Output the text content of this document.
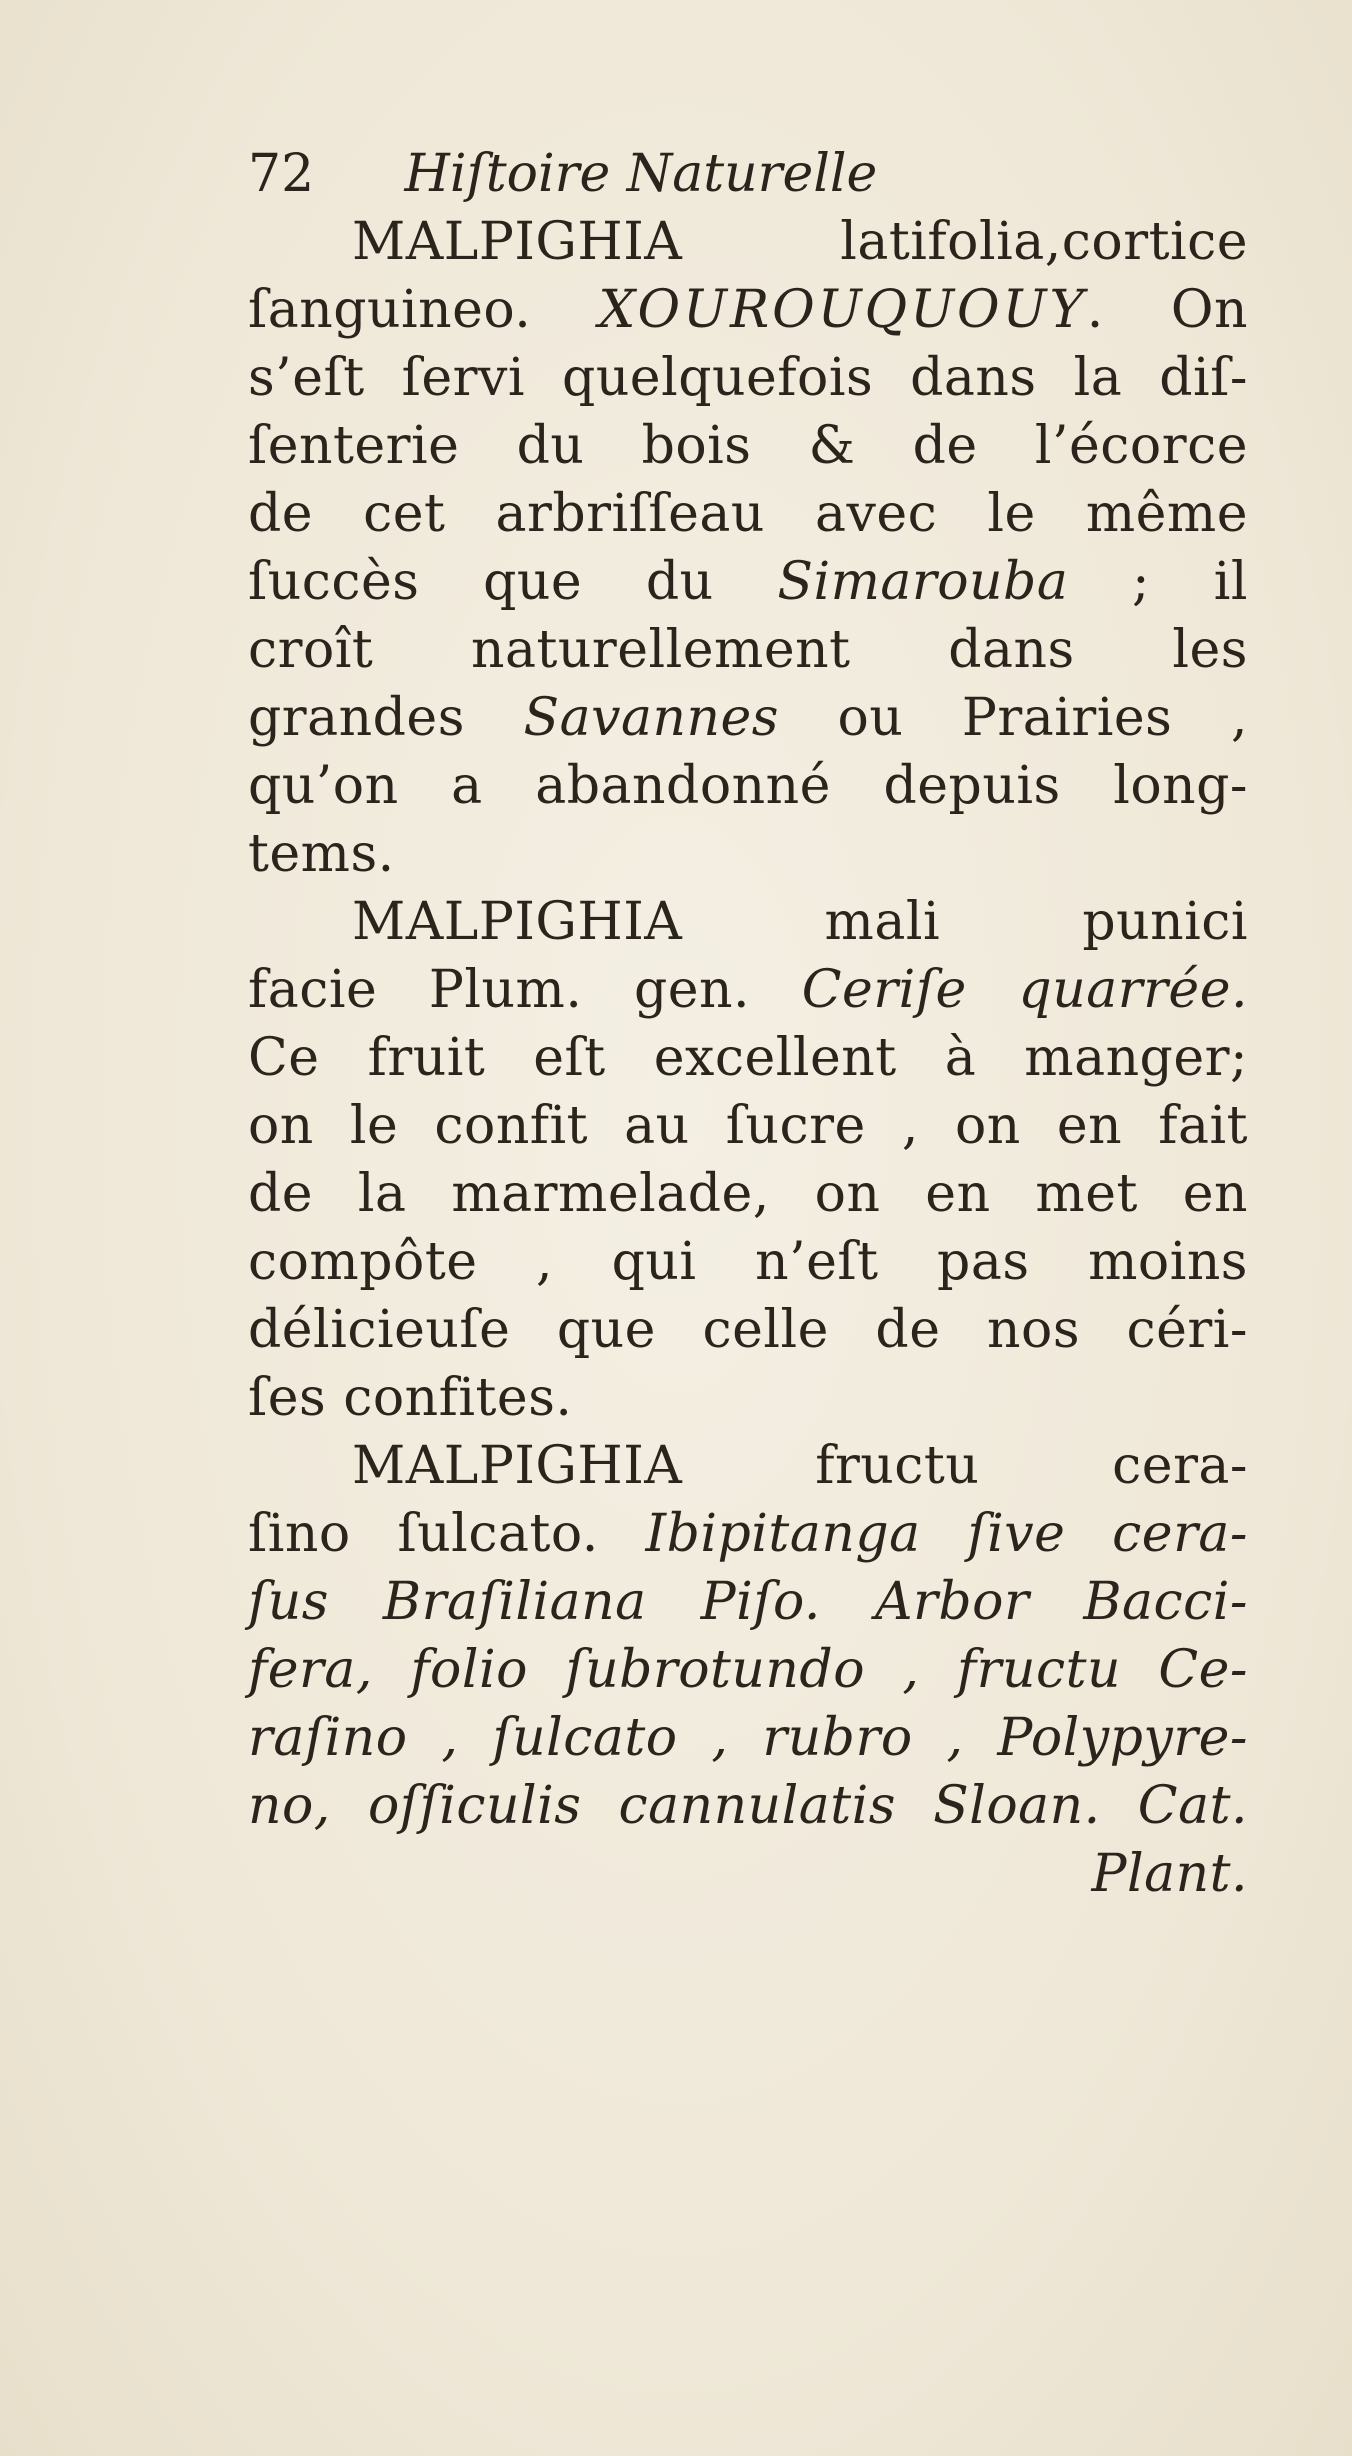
72 Hiſtoire Naturelle
MALPIGHIA latifolia,cortice
ſanguineo. XOUROUQUOUY. On
s’eſt ſervi quelquefois dans la diſ-
ſenterie du bois & de l’écorce
de cet arbriſſeau avec le même
ſuccès que du Simarouba ; il
croît naturellement dans les
grandes Savannes ou Prairies ,
qu’on a abandonné depuis long-
tems.
MALPIGHIA mali punici
facie Plum. gen. Ceriſe quarrée.
Ce fruit eſt excellent à manger;
on le confit au ſucre , on en fait
de la marmelade, on en met en
compôte , qui n’eſt pas moins
délicieuſe que celle de nos céri-
ſes confites.
MALPIGHIA fructu cera-
ſino ſulcato. Ibipitanga ſive cera-
ſus Braſiliana Piſo. Arbor Bacci-
fera, folio ſubrotundo , fructu Ce-
raſino , ſulcato , rubro , Polypyre-
no, oſſiculis cannulatis Sloan. Cat.
Plant.
